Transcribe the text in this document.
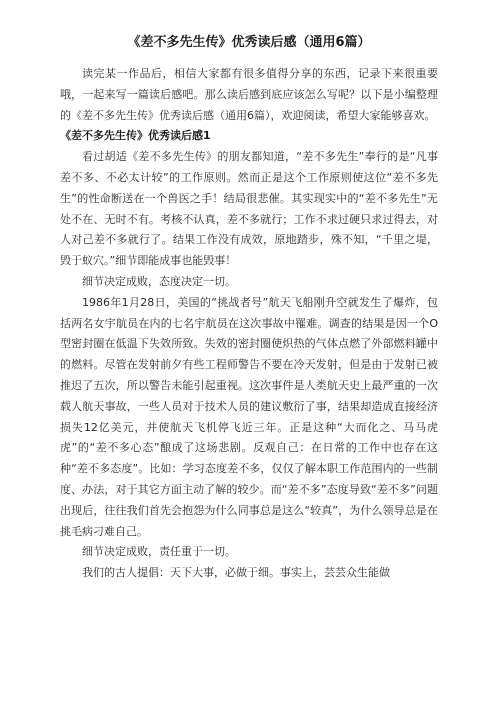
《差不多先生传》优秀读后感（通用6篇）

读完某一作品后，相信大家都有很多值得分享的东西，记录下来很重要哦，一起来写一篇读后感吧。那么读后感到底应该怎么写呢？以下是小编整理的《差不多先生传》优秀读后感（通用6篇），欢迎阅读，希望大家能够喜欢。

《差不多先生传》优秀读后感1

看过胡适《差不多先生传》的朋友都知道，“差不多先生”奉行的是“凡事差不多、不必太计较”的工作原则。然而正是这个工作原则使这位“差不多先生”的性命断送在一个兽医之手！结局很悲催。其实现实中的“差不多先生”无处不在、无时不有。考核不认真，差不多就行；工作不求过硬只求过得去，对人对己差不多就行了。结果工作没有成效，原地踏步，殊不知，“千里之堤，毁于蚁穴。”细节即能成事也能毁事！

细节决定成败，态度决定一切。

1986年1月28日，美国的“挑战者号”航天飞船刚升空就发生了爆炸，包括两名女宇航员在内的七名宇航员在这次事故中罹难。调查的结果是因一个O型密封圈在低温下失效所致。失效的密封圈使炽热的气体点燃了外部燃料罐中的燃料。尽管在发射前夕有些工程师警告不要在冷天发射，但是由于发射已被推迟了五次，所以警告未能引起重视。这次事件是人类航天史上最严重的一次载人航天事故，一些人员对于技术人员的建议敷衍了事，结果却造成直接经济损失12亿美元，并使航天飞机停飞近三年。正是这种“大而化之、马马虎虎”的“差不多心态”酿成了这场悲剧。反观自己：在日常的工作中也存在这种“差不多态度”。比如：学习态度差不多，仅仅了解本职工作范围内的一些制度、办法，对于其它方面主动了解的较少。而“差不多”态度导致“差不多”问题出现后，往往我们首先会抱怨为什么同事总是这么“较真”，为什么领导总是在挑毛病刁难自己。

细节决定成败，责任重于一切。

我们的古人提倡：天下大事，必做于细。事实上，芸芸众生能做
